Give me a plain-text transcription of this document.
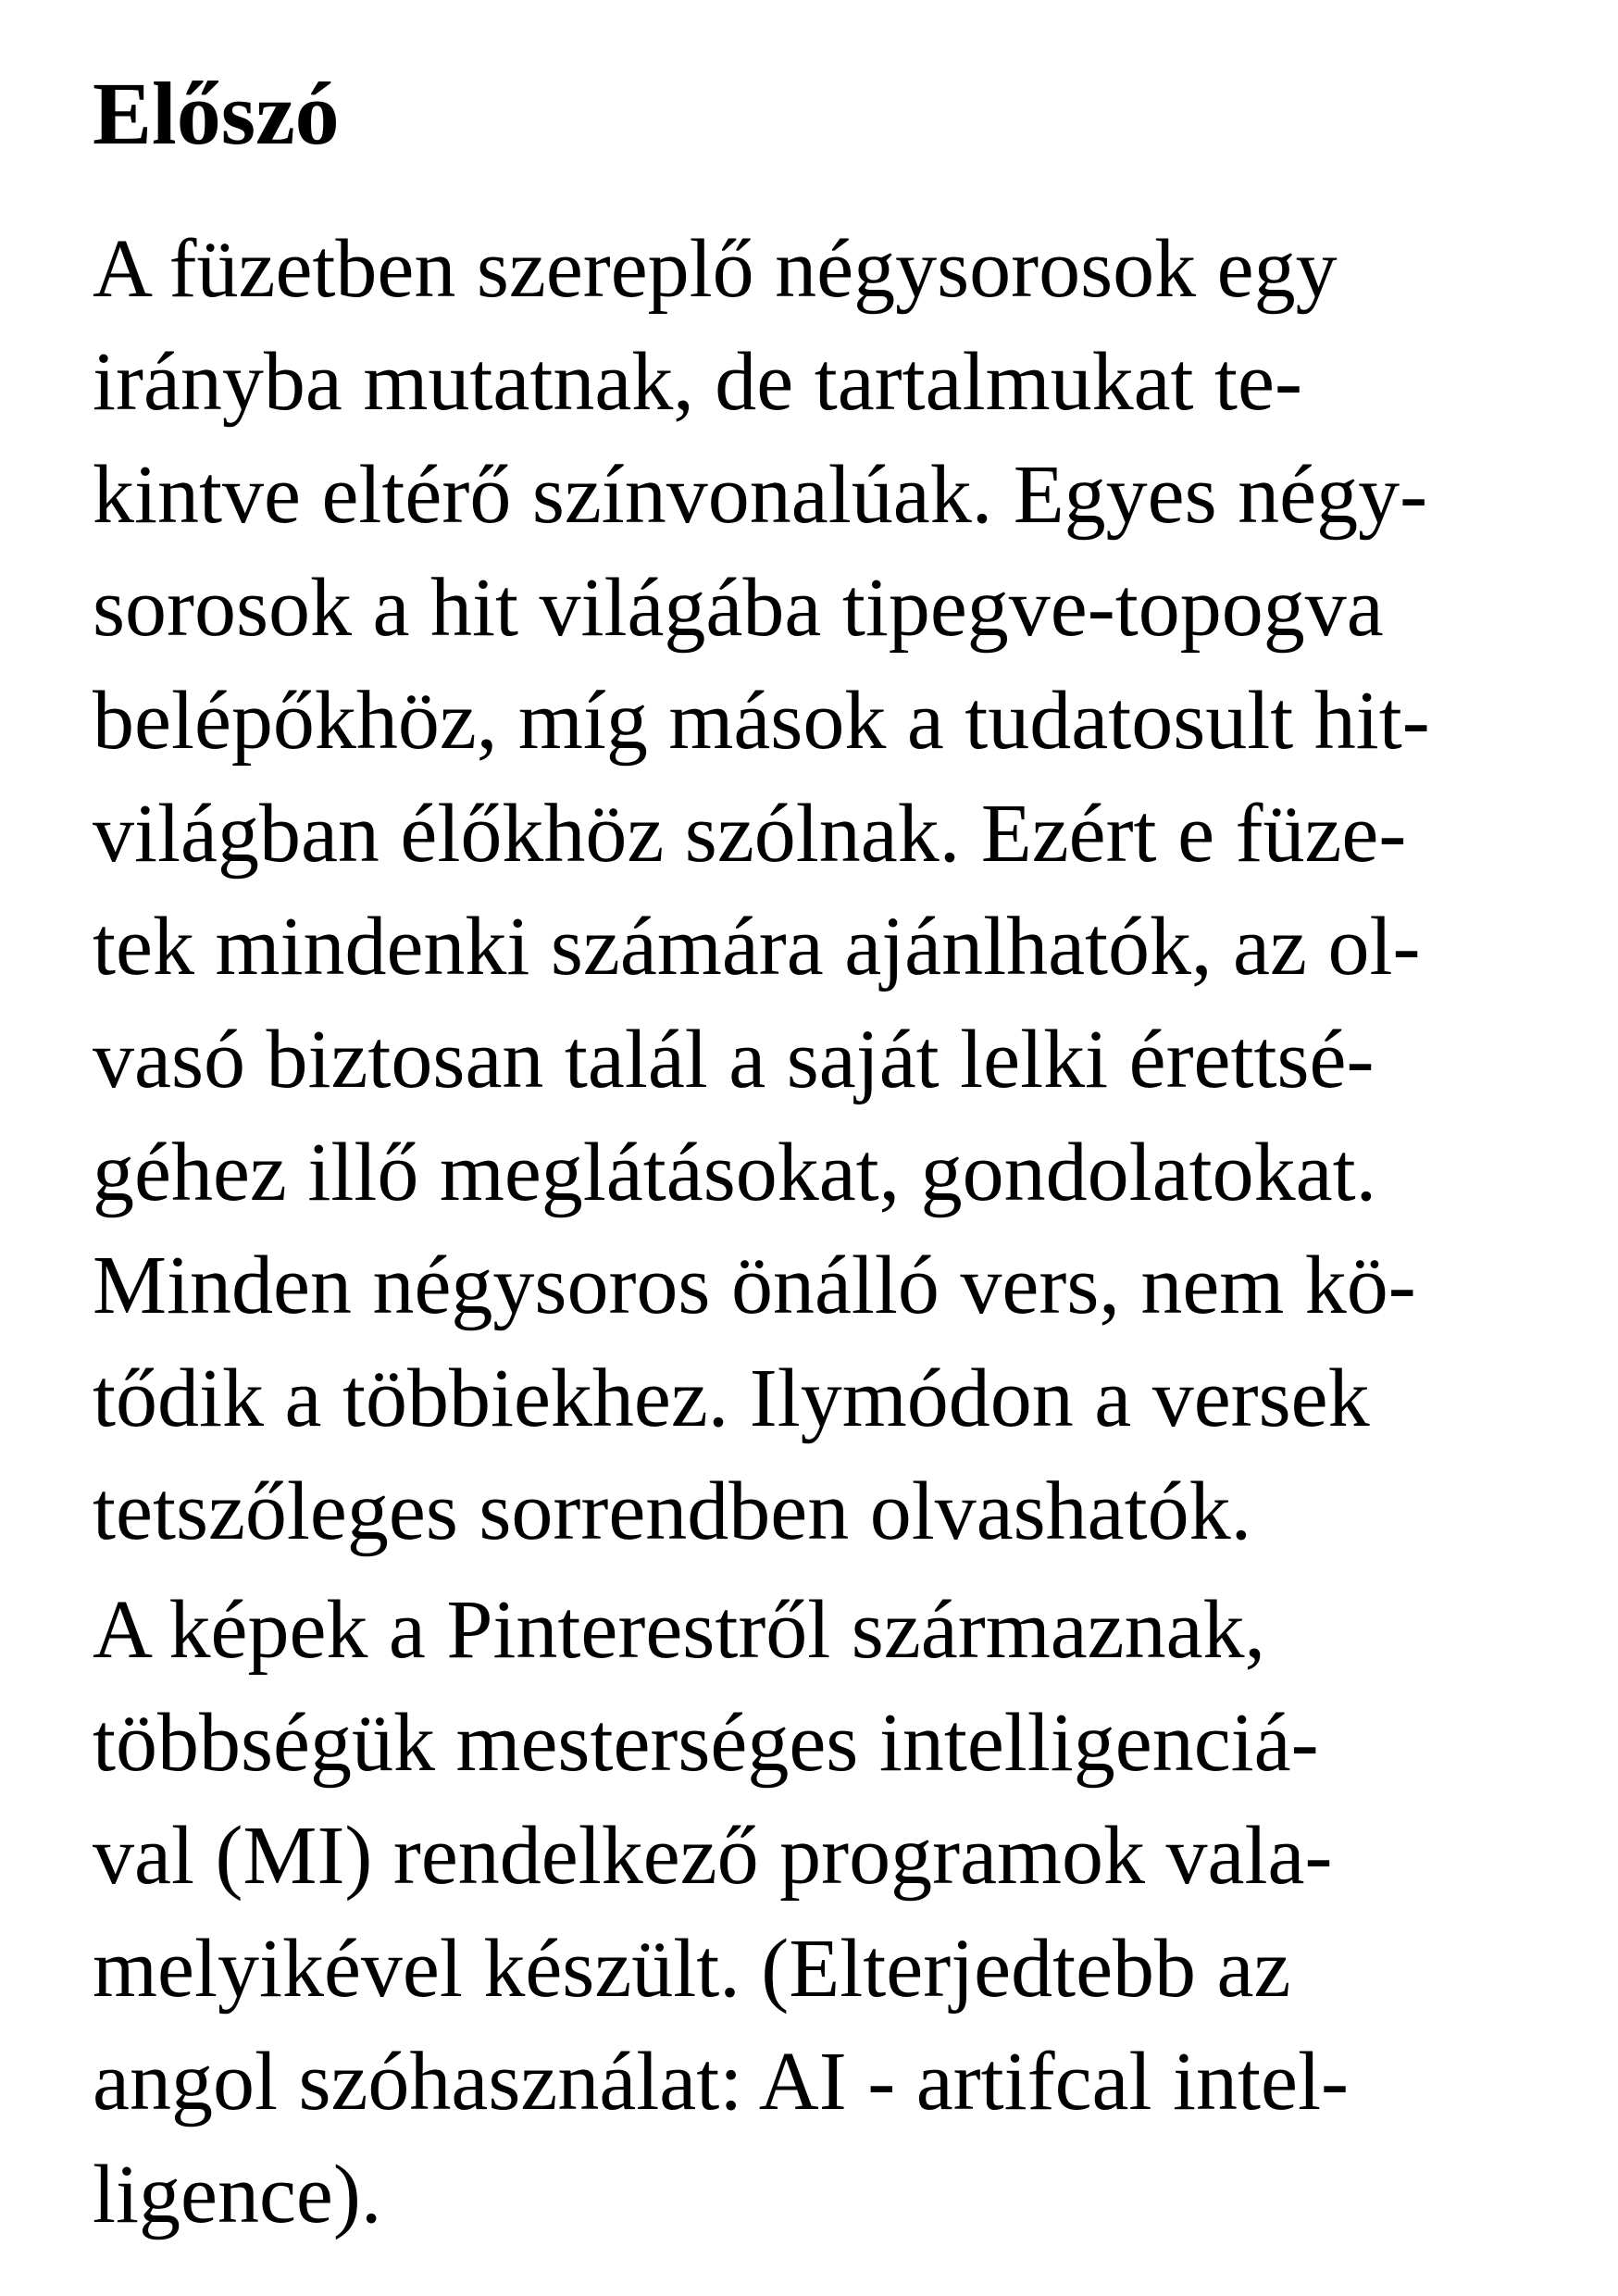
Előszó

A füzetben szereplő négysorosok egy
irányba mutatnak, de tartalmukat te-
kintve eltérő színvonalúak. Egyes négy-
sorosok a hit világába tipegve-topogva
belépőkhöz, míg mások a tudatosult hit-
világban élőkhöz szólnak. Ezért e füze-
tek mindenki számára ajánlhatók, az ol-
vasó biztosan talál a saját lelki érettsé-
géhez illő meglátásokat, gondolatokat.
Minden négysoros önálló vers, nem kö-
tődik a többiekhez. Ilymódon a versek
tetszőleges sorrendben olvashatók.

A képek a Pinterestről származnak,
többségük mesterséges intelligenciá-
val (MI) rendelkező programok vala-
melyikével készült. (Elterjedtebb az
angol szóhasználat: AI - artifcal intel-
ligence).
